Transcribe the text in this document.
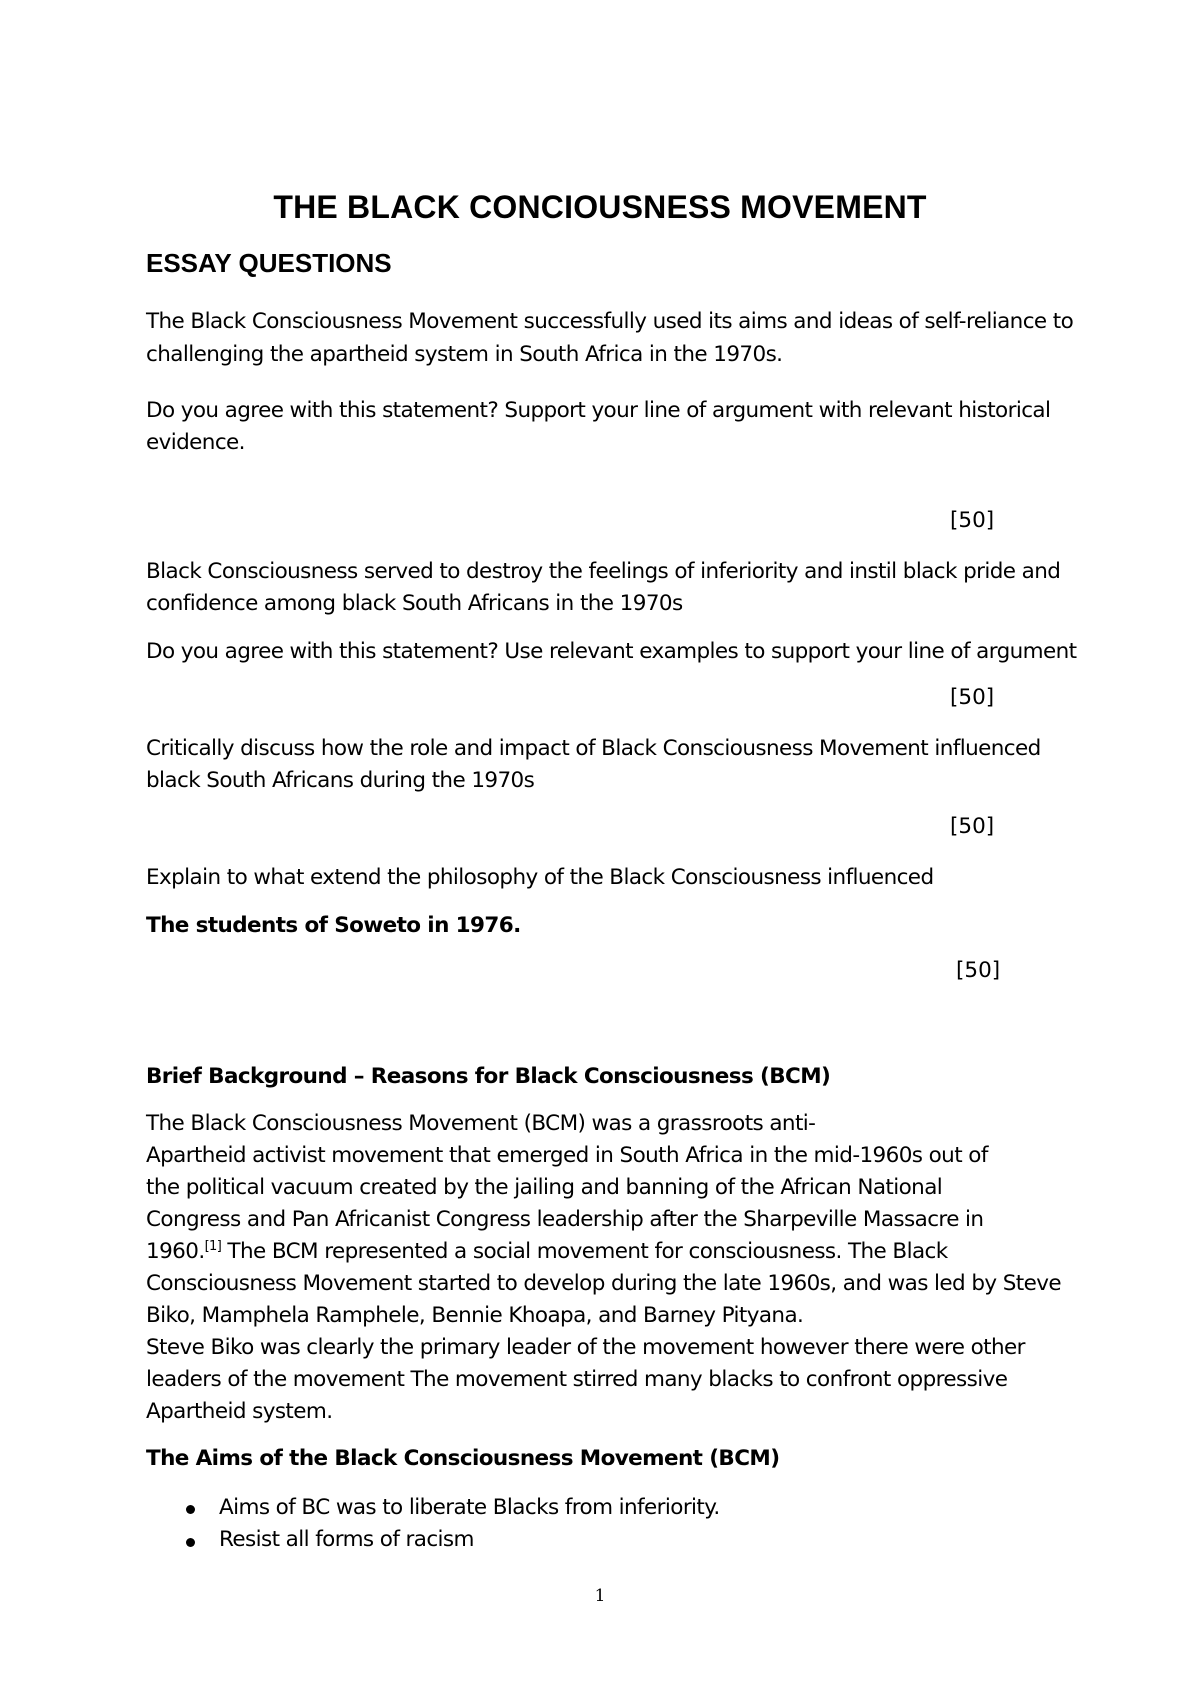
THE BLACK CONCIOUSNESS MOVEMENT
ESSAY QUESTIONS

The Black Consciousness Movement successfully used its aims and ideas of self-reliance to

challenging the apartheid system in South Africa in the 1970s.

Do you agree with this statement? Support your line of argument with relevant historical

evidence.

[50]

Black Consciousness served to destroy the feelings of inferiority and instil black pride and

confidence among black South Africans in the 1970s

Do you agree with this statement? Use relevant examples to support your line of argument

[50]

Critically discuss how the role and impact of Black Consciousness Movement influenced

black South Africans during the 1970s

[50]

Explain to what extend the philosophy of the Black Consciousness influenced

The students of Soweto in 1976.

[50]

Brief Background – Reasons for Black Consciousness (BCM)

The Black Consciousness Movement (BCM) was a grassroots anti-

Apartheid activist movement that emerged in South Africa in the mid-1960s out of

the political vacuum created by the jailing and banning of the African National

Congress and Pan Africanist Congress leadership after the Sharpeville Massacre in

1960.[1] The BCM represented a social movement for consciousness. The Black

Consciousness Movement started to develop during the late 1960s, and was led by Steve

Biko, Mamphela Ramphele, Bennie Khoapa, and Barney Pityana.

Steve Biko was clearly the primary leader of the movement however there were other

leaders of the movement The movement stirred many blacks to confront oppressive

Apartheid system.

The Aims of the Black Consciousness Movement (BCM)

Aims of BC was to liberate Blacks from inferiority.

Resist all forms of racism

1
